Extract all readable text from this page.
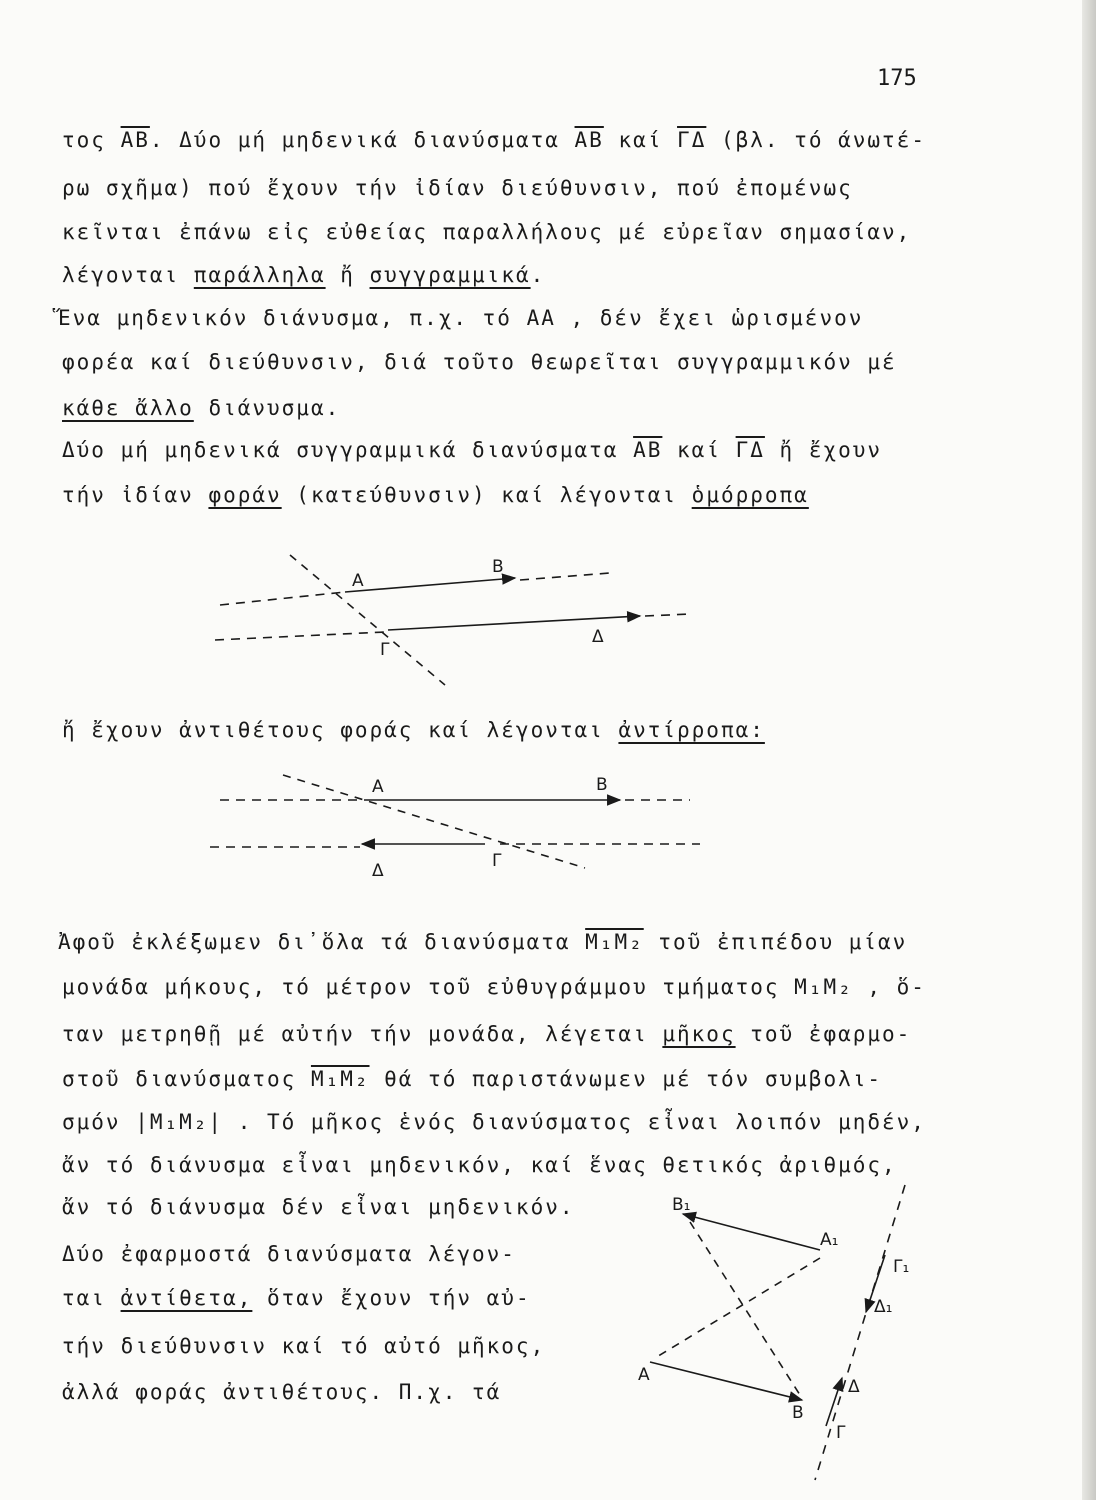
175
τος $\overline{AB}$. Δύο μή μηδενικά διανύσματα $\overline{AB}$ καί $\overline{\Gamma\Delta}$ (βλ. τό άνωτέ-
ρω σχῆμα) πού ἔχουν τήν ἰδίαν διεύθυνσιν, πού ἐπομένως
κεῖνται ἐπάνω εἰς εὐθείας παραλλήλους μέ εὐρεῖαν σημασίαν,
λέγονται παράλληλα ἤ συγγραμμικά.
Ἕνα μηδενικόν διάνυσμα, π.χ. τό ΑΑ , δέν ἔχει ὡρισμένον
φορέα καί διεύθυνσιν, διά τοῦτο θεωρεῖται συγγραμμικόν μέ
κάθε ἄλλο διάνυσμα.
Δύο μή μηδενικά συγγραμμικά διανύσματα $\overline{AB}$ καί $\overline{\Gamma\Delta}$ ἤ ἔχουν
τήν ἰδίαν φοράν (κατεύθυνσιν) καί λέγονται ὁμόρροπα
ἤ ἔχουν ἀντιθέτους φοράς καί λέγονται ἀντίρροπα:
Ἀφοῦ ἐκλέξωμεν δι᾽ὅλα τά διανύσματα M₁M₂ τοῦ ἐπιπέδου μίαν
μονάδα μήκους, τό μέτρον τοῦ εὐθυγράμμου τμήματος M₁M₂ , ὅ-
ταν μετρηθῇ μέ αὐτήν τήν μονάδα, λέγεται μῆκος τοῦ ἐφαρμο-
στοῦ διανύσματος M₁M₂ θά τό παριστάνωμεν μέ τόν συμβολι-
σμόν |M₁M₂| . Τό μῆκος ἑνός διανύσματος εἶναι λοιπόν μηδέν,
ἄν τό διάνυσμα εἶναι μηδενικόν, καί ἕνας θετικός ἀριθμός,
ἄν τό διάνυσμα δέν εἶναι μηδενικόν.
Δύο ἐφαρμοστά διανύσματα λέγον-
ται ἀντίθετα, ὅταν ἔχουν τήν αὐ-
τήν διεύθυνσιν καί τό αὐτό μῆκος,
ἀλλά φοράς ἀντιθέτους. Π.χ. τά
Α
Β
Γ
Δ
Α	Β
Γ
Δ
Β₁
Α₁
Γ₁
Δ₁
Α
Β
Δ
Γ
